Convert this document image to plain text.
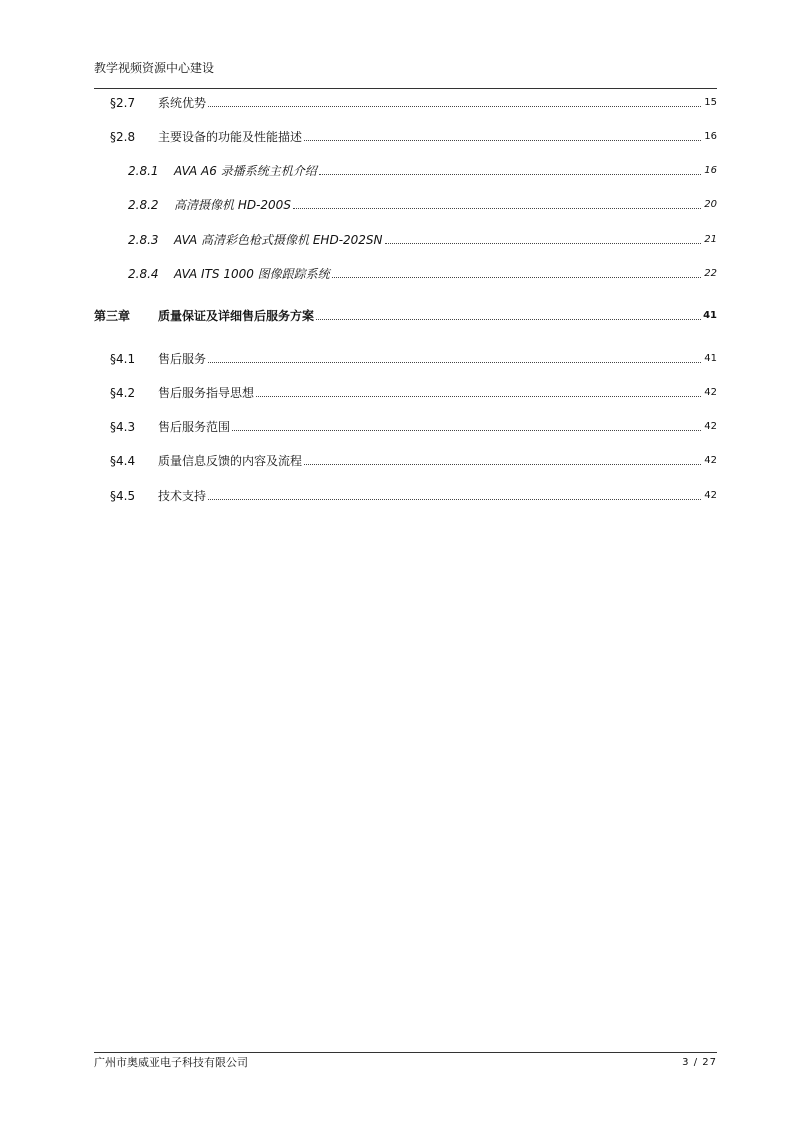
教学视频资源中心建设
§2.7 系统优势	15
§2.8 主要设备的功能及性能描述	16
2.8.1 AVA A6 录播系统主机介绍	16
2.8.2 高清摄像机 HD-200S	20
2.8.3 AVA 高清彩色枪式摄像机 EHD-202SN	21
2.8.4 AVA ITS 1000 图像跟踪系统	22
第三章 质量保证及详细售后服务方案	41
§4.1 售后服务	41
§4.2 售后服务指导思想	42
§4.3 售后服务范围	42
§4.4 质量信息反馈的内容及流程	42
§4.5 技术支持	42
广州市奥威亚电子科技有限公司	3 / 27
